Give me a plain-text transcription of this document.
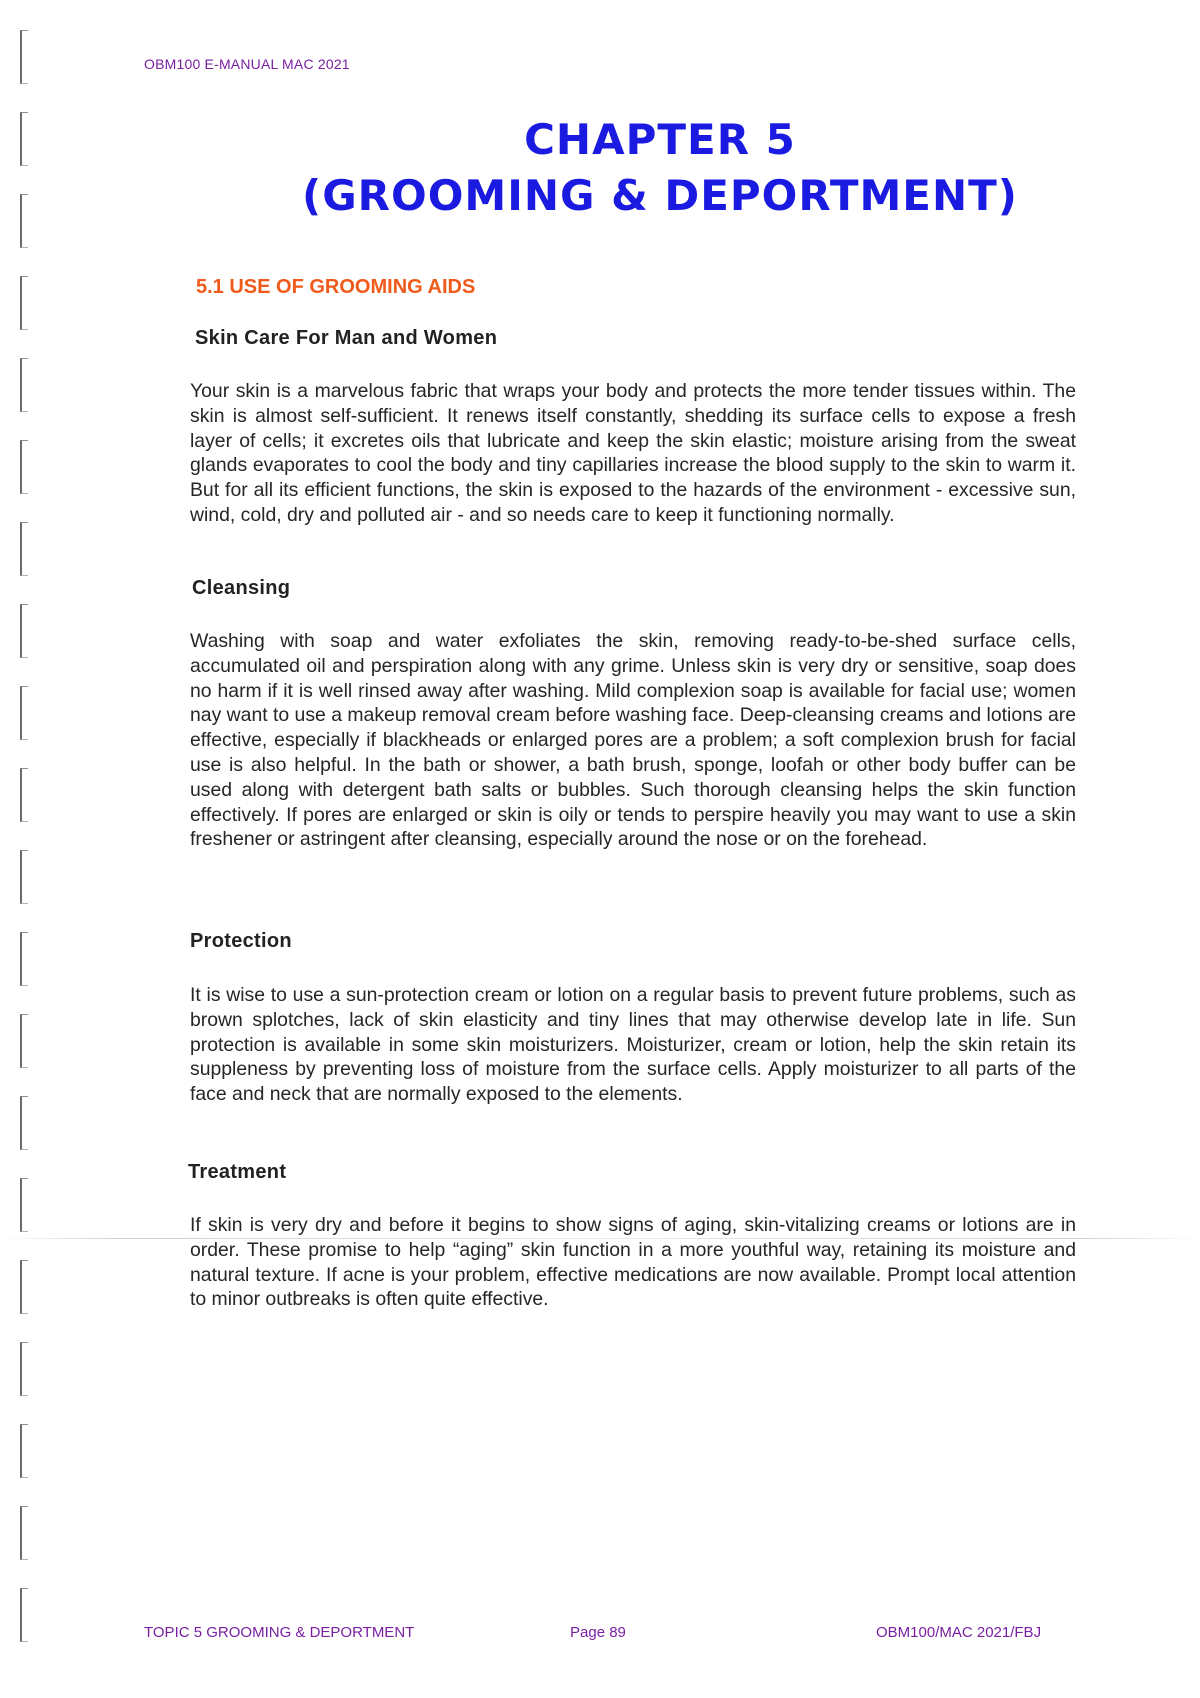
OBM100 E-MANUAL MAC 2021
CHAPTER 5
(GROOMING & DEPORTMENT)
5.1 USE OF GROOMING AIDS
Skin Care For Man and Women
Your skin is a marvelous fabric that wraps your body and protects the more tender tissues within. The skin is almost self-sufficient. It renews itself constantly, shedding its surface cells to expose a fresh layer of cells; it excretes oils that lubricate and keep the skin elastic; moisture arising from the sweat glands evaporates to cool the body and tiny capillaries increase the blood supply to the skin to warm it. But for all its efficient functions, the skin is exposed to the hazards of the environment - excessive sun, wind, cold, dry and polluted air - and so needs care to keep it functioning normally.
Cleansing
Washing with soap and water exfoliates the skin, removing ready-to-be-shed surface cells, accumulated oil and perspiration along with any grime. Unless skin is very dry or sensitive, soap does no harm if it is well rinsed away after washing. Mild complexion soap is available for facial use; women nay want to use a makeup removal cream before washing face. Deep-cleansing creams and lotions are effective, especially if blackheads or enlarged pores are a problem; a soft complexion brush for facial use is also helpful. In the bath or shower, a bath brush, sponge, loofah or other body buffer can be used along with detergent bath salts or bubbles. Such thorough cleansing helps the skin function effectively. If pores are enlarged or skin is oily or tends to perspire heavily you may want to use a skin freshener or astringent after cleansing, especially around the nose or on the forehead.
Protection
It is wise to use a sun-protection cream or lotion on a regular basis to prevent future problems, such as brown splotches, lack of skin elasticity and tiny lines that may otherwise develop late in life. Sun protection is available in some skin moisturizers. Moisturizer, cream or lotion, help the skin retain its suppleness by preventing loss of moisture from the surface cells. Apply moisturizer to all parts of the face and neck that are normally exposed to the elements.
Treatment
If skin is very dry and before it begins to show signs of aging, skin-vitalizing creams or lotions are in order. These promise to help “aging” skin function in a more youthful way, retaining its moisture and natural texture. If acne is your problem, effective medications are now available. Prompt local attention to minor outbreaks is often quite effective.
TOPIC 5 GROOMING & DEPORTMENT	Page 89	OBM100/MAC 2021/FBJ
